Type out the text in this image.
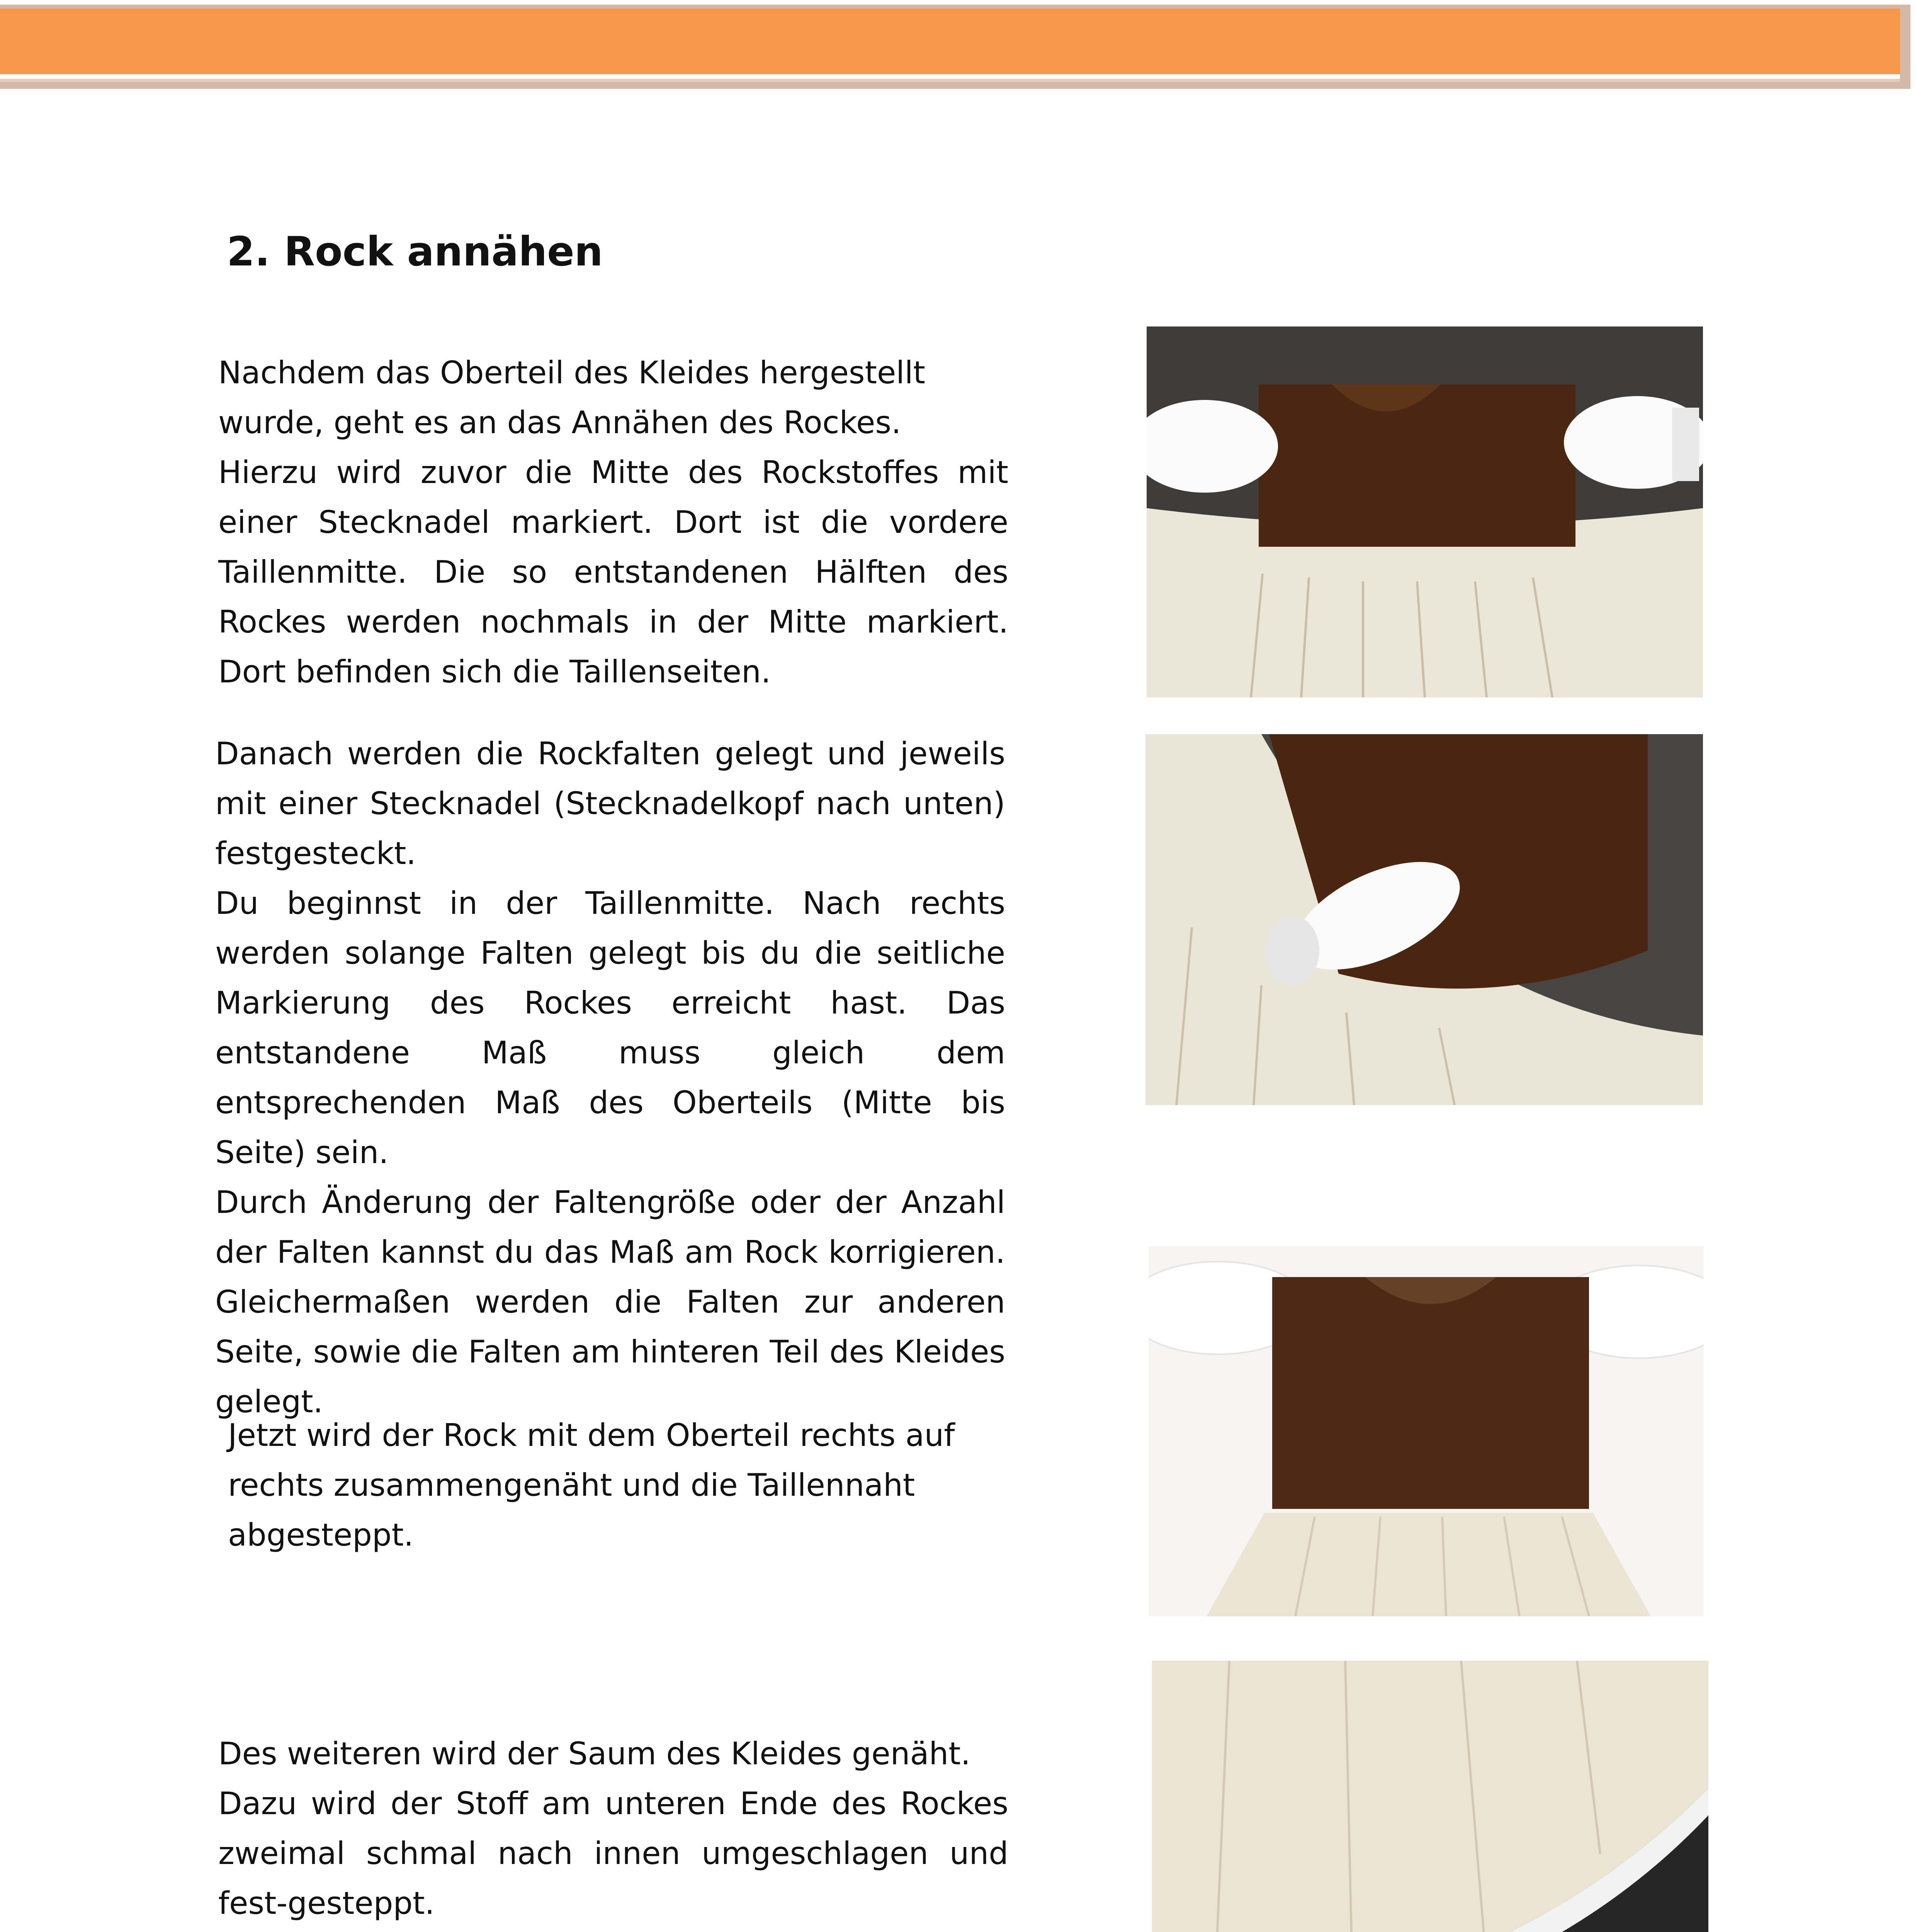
2. Rock annähen
Nachdem das Oberteil des Kleides hergestellt wurde, geht es an das Annähen des Rockes.
Hierzu wird zuvor die Mitte des Rockstoffes mit einer Stecknadel markiert. Dort ist die vordere Taillenmitte. Die so entstandenen Hälften des Rockes werden nochmals in der Mitte markiert. Dort befinden sich die Taillenseiten.
Danach werden die Rockfalten gelegt und jeweils mit einer Stecknadel (Stecknadelkopf nach unten) festgesteckt.
Du beginnst in der Taillenmitte. Nach rechts werden solange Falten gelegt bis du die seitliche Markierung des Rockes erreicht hast. Das entstandene Maß muss gleich dem entsprechenden Maß des Oberteils (Mitte bis Seite) sein.
Durch Änderung der Faltengröße oder der Anzahl der Falten kannst du das Maß am Rock korrigieren. Gleichermaßen werden die Falten zur anderen Seite, sowie die Falten am hinteren Teil des Kleides gelegt.
Jetzt wird der Rock mit dem Oberteil rechts auf rechts zusammengenäht und die Taillennaht abgesteppt.
Des weiteren wird der Saum des Kleides genäht.
Dazu wird der Stoff am unteren Ende des Rockes zweimal schmal nach innen umgeschlagen und fest-gesteppt.
